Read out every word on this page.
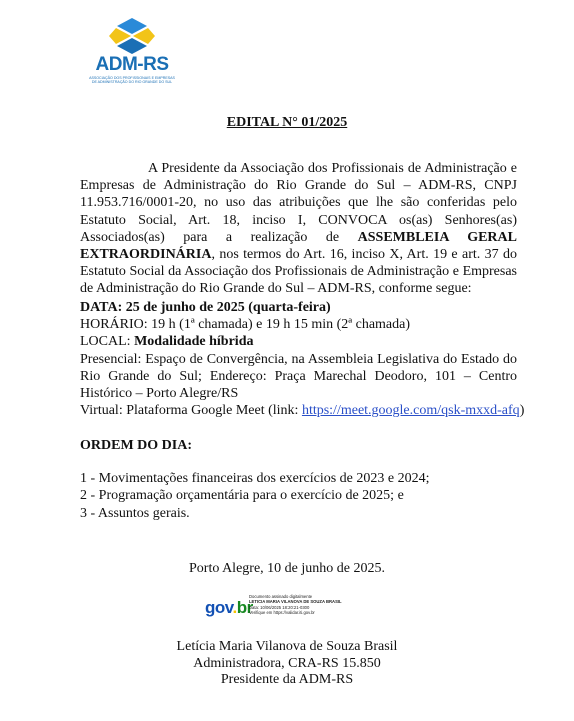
ADM-RS
ASSOCIAÇÃO DOS PROFISSIONAIS E EMPRESAS
DE ADMINISTRAÇÃO DO RIO GRANDE DO SUL
EDITAL N° 01/2025
A Presidente da Associação dos Profissionais de Administração e Empresas de Administração do Rio Grande do Sul – ADM-RS, CNPJ 11.953.716/0001-20, no uso das atribuições que lhe são conferidas pelo Estatuto Social, Art. 18, inciso I, CONVOCA os(as) Senhores(as) Associados(as) para a realização de ASSEMBLEIA GERAL EXTRAORDINÁRIA, nos termos do Art. 16, inciso X, Art. 19 e art. 37 do Estatuto Social da Associação dos Profissionais de Administração e Empresas de Administração do Rio Grande do Sul – ADM-RS, conforme segue:
DATA: 25 de junho de 2025 (quarta-feira)
HORÁRIO: 19 h (1ª chamada) e 19 h 15 min (2ª chamada)
LOCAL: Modalidade híbrida
Presencial: Espaço de Convergência, na Assembleia Legislativa do Estado do Rio Grande do Sul; Endereço: Praça Marechal Deodoro, 101 – Centro Histórico – Porto Alegre/RS
Virtual: Plataforma Google Meet (link: https://meet.google.com/qsk-mxxd-afq)
ORDEM DO DIA:
1 - Movimentações financeiras dos exercícios de 2023 e 2024;
2 - Programação orçamentária para o exercício de 2025; e
3 - Assuntos gerais.
Porto Alegre, 10 de junho de 2025.
gov.br
Documento assinado digitalmente
LETICIA MARIA VILANOVA DE SOUZA BRASIL
Data: 10/06/2025 18:20:21-0300
Verifique em https://validar.iti.gov.br
Letícia Maria Vilanova de Souza Brasil
Administradora, CRA-RS 15.850
Presidente da ADM-RS
